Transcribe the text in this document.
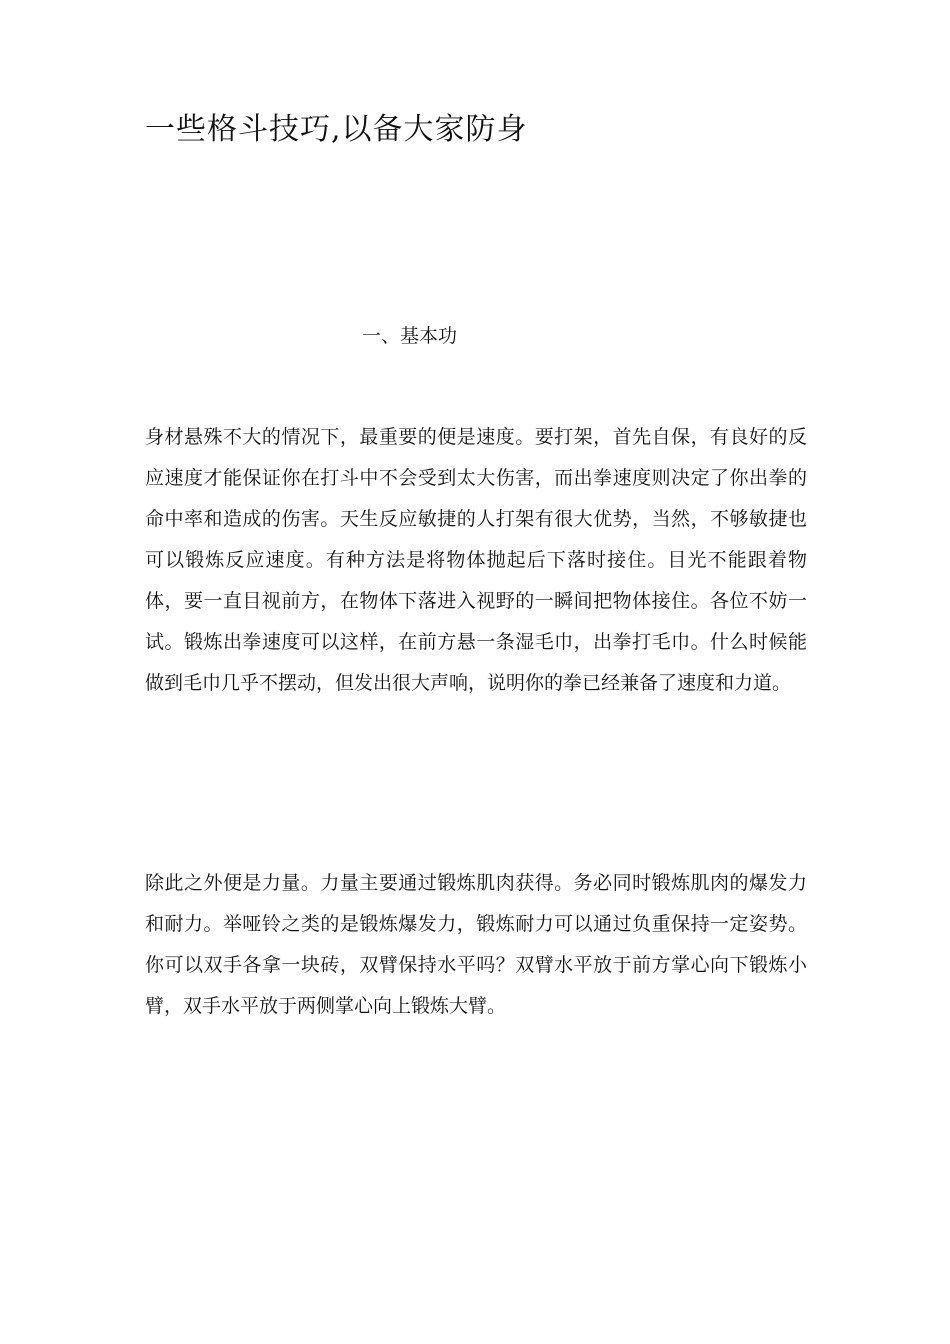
一些格斗技巧,以备大家防身
一、基本功

身材悬殊不大的情况下，最重要的便是速度。要打架，首先自保，有良好的反应速度才能保证你在打斗中不会受到太大伤害，而出拳速度则决定了你出拳的命中率和造成的伤害。天生反应敏捷的人打架有很大优势，当然，不够敏捷也可以锻炼反应速度。有种方法是将物体抛起后下落时接住。目光不能跟着物体，要一直目视前方，在物体下落进入视野的一瞬间把物体接住。各位不妨一试。锻炼出拳速度可以这样，在前方悬一条湿毛巾，出拳打毛巾。什么时候能做到毛巾几乎不摆动，但发出很大声响，说明你的拳已经兼备了速度和力道。

除此之外便是力量。力量主要通过锻炼肌肉获得。务必同时锻炼肌肉的爆发力和耐力。举哑铃之类的是锻炼爆发力，锻炼耐力可以通过负重保持一定姿势。你可以双手各拿一块砖，双臂保持水平吗？双臂水平放于前方掌心向下锻炼小臂，双手水平放于两侧掌心向上锻炼大臂。
